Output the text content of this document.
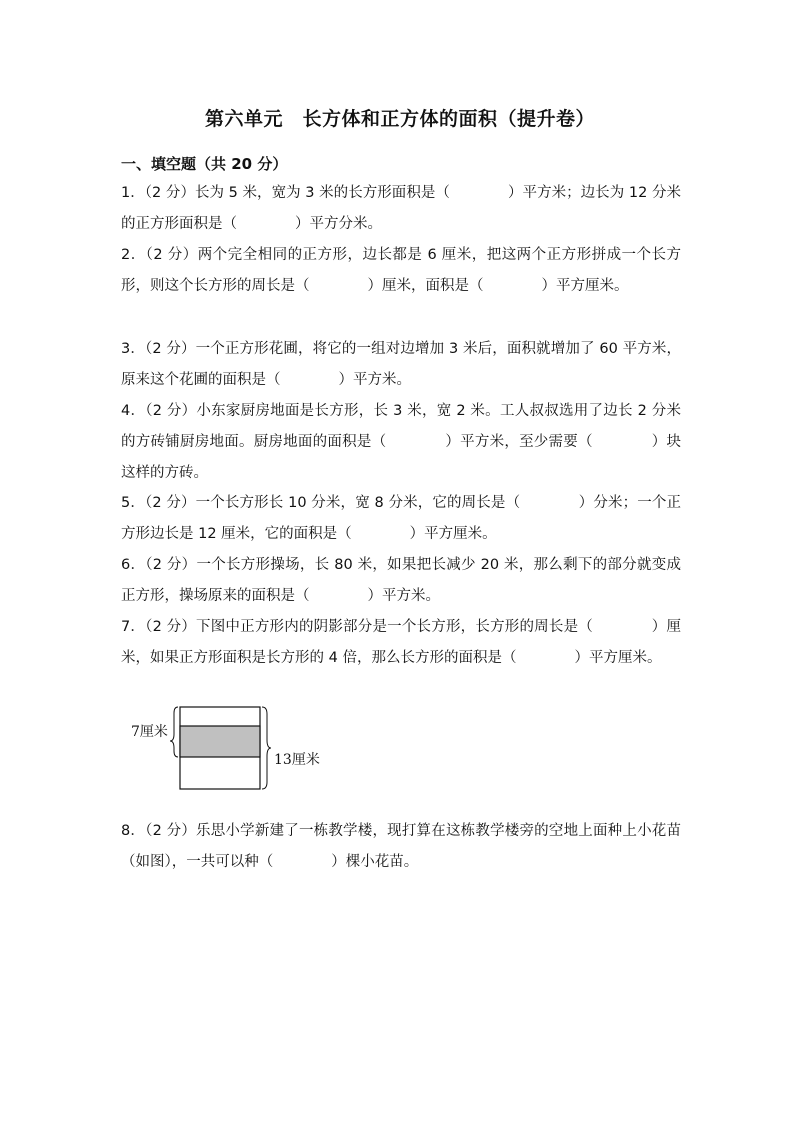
第六单元　长方体和正方体的面积（提升卷）
一、填空题（共 20 分）
1．（2 分）长为 5 米，宽为 3 米的长方形面积是（　　　　）平方米；边长为 12 分米的正方形面积是（　　　　）平方分米。
2．（2 分）两个完全相同的正方形，边长都是 6 厘米，把这两个正方形拼成一个长方形，则这个长方形的周长是（　　　　）厘米，面积是（　　　　）平方厘米。
3．（2 分）一个正方形花圃，将它的一组对边增加 3 米后，面积就增加了 60 平方米，原来这个花圃的面积是（　　　　）平方米。
4．（2 分）小东家厨房地面是长方形，长 3 米，宽 2 米。工人叔叔选用了边长 2 分米的方砖铺厨房地面。厨房地面的面积是（　　　　）平方米，至少需要（　　　　）块这样的方砖。
5．（2 分）一个长方形长 10 分米，宽 8 分米，它的周长是（　　　　）分米；一个正方形边长是 12 厘米，它的面积是（　　　　）平方厘米。
6．（2 分）一个长方形操场，长 80 米，如果把长减少 20 米，那么剩下的部分就变成正方形，操场原来的面积是（　　　　）平方米。
7．（2 分）下图中正方形内的阴影部分是一个长方形，长方形的周长是（　　　　）厘米，如果正方形面积是长方形的 4 倍，那么长方形的面积是（　　　　）平方厘米。
7厘米
13厘米
8．（2 分）乐思小学新建了一栋教学楼，现打算在这栋教学楼旁的空地上面种上小花苗（如图），一共可以种（　　　　）棵小花苗。
